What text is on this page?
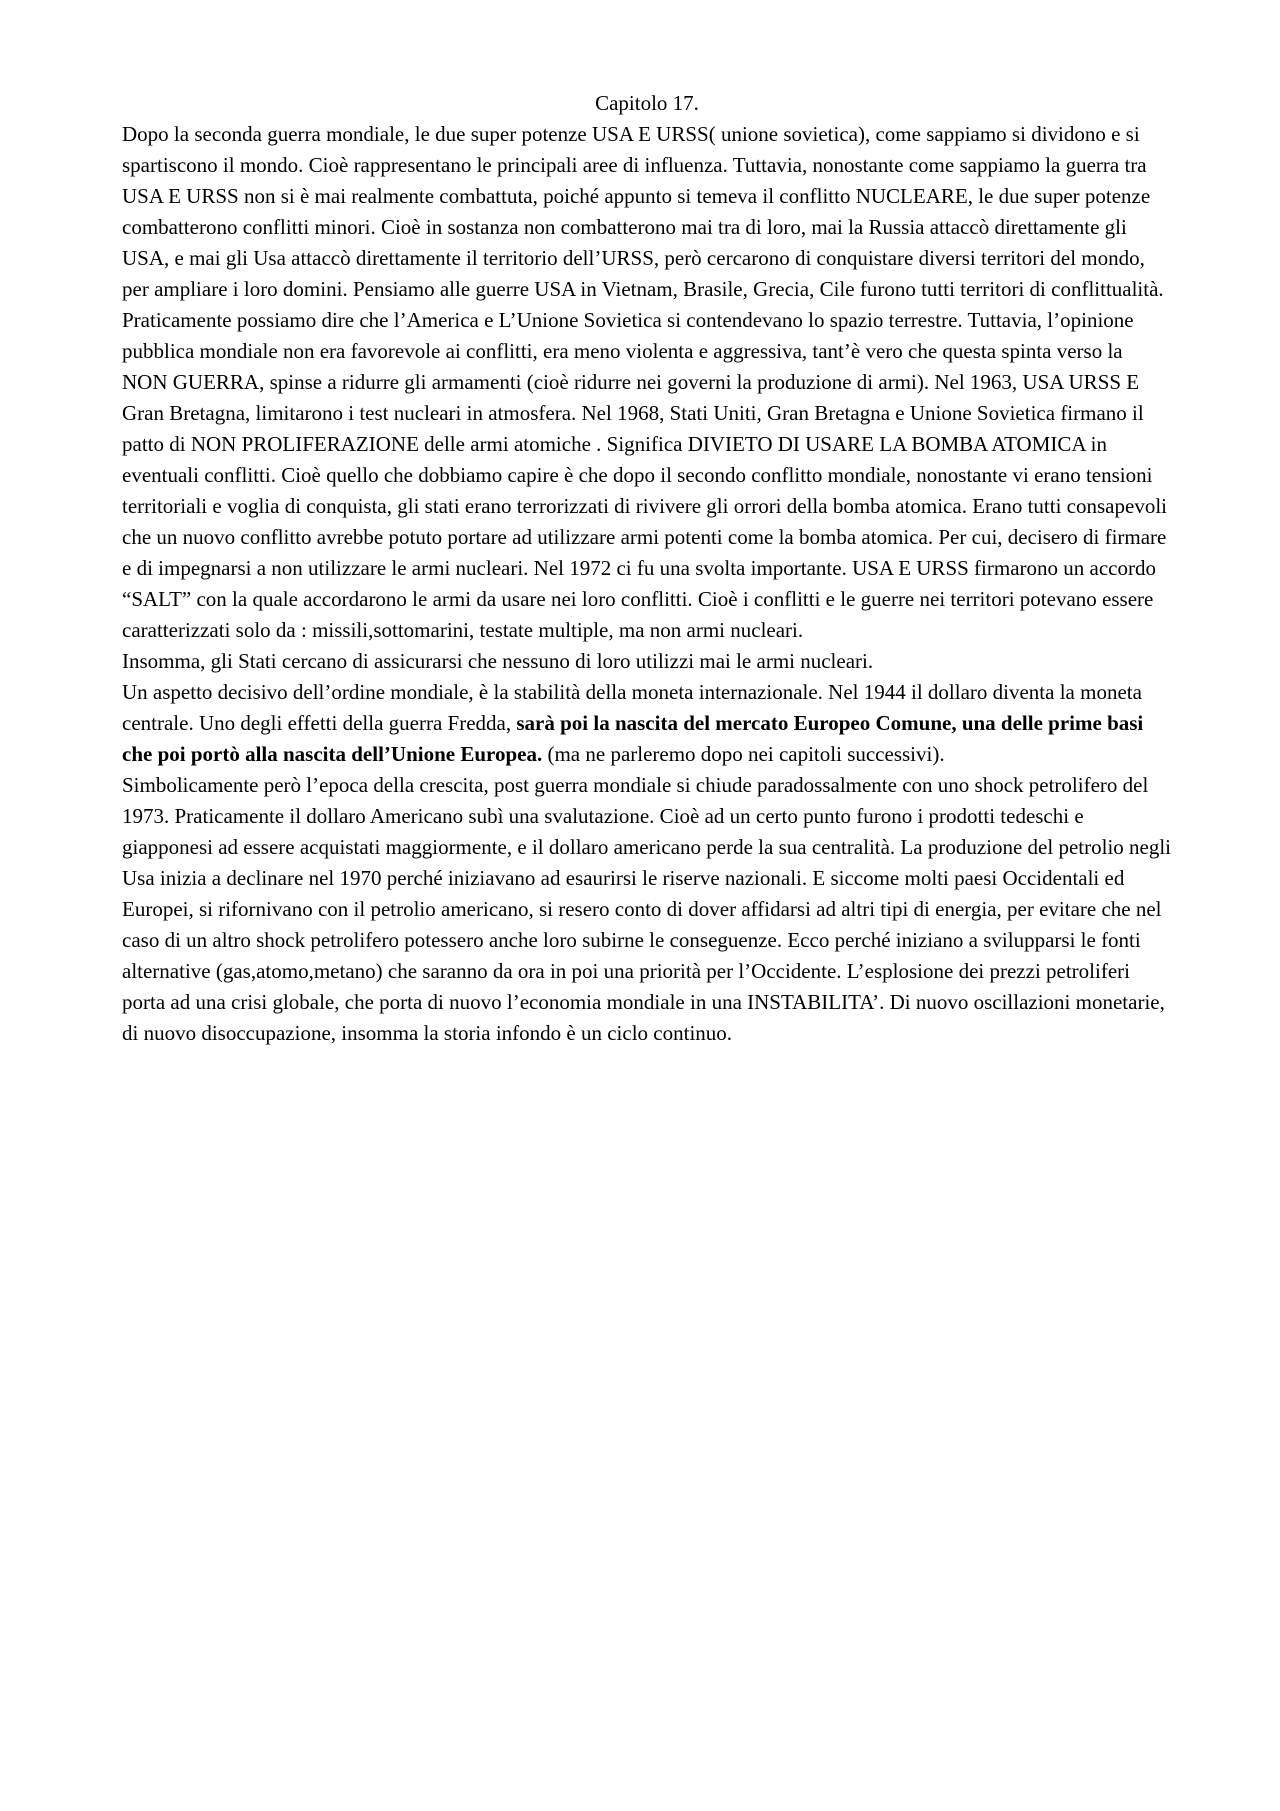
Capitolo 17.

Dopo la seconda guerra mondiale, le due super potenze USA E URSS( unione sovietica), come sappiamo si dividono e si spartiscono il mondo. Cioè rappresentano le principali aree di influenza. Tuttavia, nonostante come sappiamo la guerra tra USA E URSS non si è mai realmente combattuta, poiché appunto si temeva il conflitto NUCLEARE, le due super potenze combatterono conflitti minori. Cioè in sostanza non combatterono mai tra di loro, mai la Russia attaccò direttamente gli USA, e mai gli Usa attaccò direttamente il territorio dell’URSS, però cercarono di conquistare diversi territori del mondo, per ampliare i loro domini. Pensiamo alle guerre USA in Vietnam, Brasile, Grecia, Cile furono tutti territori di conflittualità.

Praticamente possiamo dire che l’America e L’Unione Sovietica si contendevano lo spazio terrestre. Tuttavia, l’opinione pubblica mondiale non era favorevole ai conflitti, era meno violenta e aggressiva, tant’è vero che questa spinta verso la NON GUERRA, spinse a ridurre gli armamenti (cioè ridurre nei governi la produzione di armi). Nel 1963, USA URSS E Gran Bretagna, limitarono i test nucleari in atmosfera. Nel 1968, Stati Uniti, Gran Bretagna e Unione Sovietica firmano il patto di NON PROLIFERAZIONE delle armi atomiche . Significa DIVIETO DI USARE LA BOMBA ATOMICA in eventuali conflitti. Cioè quello che dobbiamo capire è che dopo il secondo conflitto mondiale, nonostante vi erano tensioni territoriali e voglia di conquista, gli stati erano terrorizzati di rivivere gli orrori della bomba atomica. Erano tutti consapevoli che un nuovo conflitto avrebbe potuto portare ad utilizzare armi potenti come la bomba atomica. Per cui, decisero di firmare e di impegnarsi a non utilizzare le armi nucleari. Nel 1972 ci fu una svolta importante. USA E URSS firmarono un accordo “SALT” con la quale accordarono le armi da usare nei loro conflitti. Cioè i conflitti e le guerre nei territori potevano essere caratterizzati solo da : missili,sottomarini, testate multiple, ma non armi nucleari.

Insomma, gli Stati cercano di assicurarsi che nessuno di loro utilizzi mai le armi nucleari.

Un aspetto decisivo dell’ordine mondiale, è la stabilità della moneta internazionale. Nel 1944 il dollaro diventa la moneta centrale. Uno degli effetti della guerra Fredda, sarà poi la nascita del mercato Europeo Comune, una delle prime basi che poi portò alla nascita dell’Unione Europea. (ma ne parleremo dopo nei capitoli successivi).

Simbolicamente però l’epoca della crescita, post guerra mondiale si chiude paradossalmente con uno shock petrolifero del 1973. Praticamente il dollaro Americano subì una svalutazione. Cioè ad un certo punto furono i prodotti tedeschi e giapponesi ad essere acquistati maggiormente, e il dollaro americano perde la sua centralità. La produzione del petrolio negli Usa inizia a declinare nel 1970 perché iniziavano ad esaurirsi le riserve nazionali. E siccome molti paesi Occidentali ed Europei, si rifornivano con il petrolio americano, si resero conto di dover affidarsi ad altri tipi di energia, per evitare che nel caso di un altro shock petrolifero potessero anche loro subirne le conseguenze. Ecco perché iniziano a svilupparsi le fonti alternative (gas,atomo,metano) che saranno da ora in poi una priorità per l’Occidente. L’esplosione dei prezzi petroliferi porta ad una crisi globale, che porta di nuovo l’economia mondiale in una INSTABILITA’. Di nuovo oscillazioni monetarie, di nuovo disoccupazione, insomma la storia infondo è un ciclo continuo.
